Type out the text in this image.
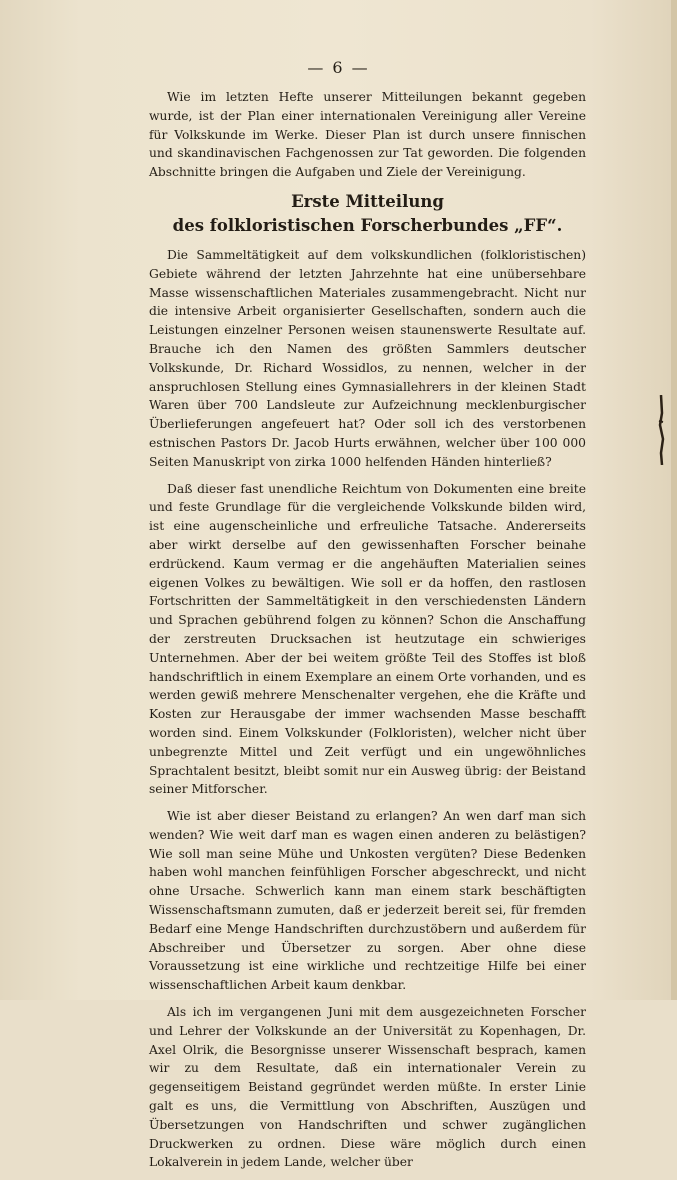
— 6 —

Wie im letzten Hefte unserer Mitteilungen bekannt gegeben wurde, ist der Plan einer internationalen Vereinigung aller Vereine für Volkskunde im Werke. Dieser Plan ist durch unsere finnischen und skandinavischen Fachgenossen zur Tat geworden. Die folgenden Abschnitte bringen die Aufgaben und Ziele der Vereinigung.

Erste Mitteilung
des folkloristischen Forscherbundes „FF“.

Die Sammeltätigkeit auf dem volkskundlichen (folkloristischen) Gebiete während der letzten Jahrzehnte hat eine unübersehbare Masse wissenschaftlichen Materiales zusammengebracht. Nicht nur die intensive Arbeit organisierter Gesellschaften, sondern auch die Leistungen einzelner Personen weisen staunenswerte Resultate auf. Brauche ich den Namen des größten Sammlers deutscher Volkskunde, Dr. Richard Wossidlos, zu nennen, welcher in der anspruchlosen Stellung eines Gymnasiallehrers in der kleinen Stadt Waren über 700 Landsleute zur Aufzeichnung mecklenburgischer Überlieferungen angefeuert hat? Oder soll ich des verstorbenen estnischen Pastors Dr. Jacob Hurts erwähnen, welcher über 100 000 Seiten Manuskript von zirka 1000 helfenden Händen hinterließ?

Daß dieser fast unendliche Reichtum von Dokumenten eine breite und feste Grundlage für die vergleichende Volkskunde bilden wird, ist eine augenscheinliche und erfreuliche Tatsache. Andererseits aber wirkt derselbe auf den gewissenhaften Forscher beinahe erdrückend. Kaum vermag er die angehäuften Materialien seines eigenen Volkes zu bewältigen. Wie soll er da hoffen, den rastlosen Fortschritten der Sammeltätigkeit in den verschiedensten Ländern und Sprachen gebührend folgen zu können? Schon die Anschaffung der zerstreuten Drucksachen ist heutzutage ein schwieriges Unternehmen. Aber der bei weitem größte Teil des Stoffes ist bloß handschriftlich in einem Exemplare an einem Orte vorhanden, und es werden gewiß mehrere Menschenalter vergehen, ehe die Kräfte und Kosten zur Herausgabe der immer wachsenden Masse beschafft worden sind. Einem Volkskunder (Folkloristen), welcher nicht über unbegrenzte Mittel und Zeit verfügt und ein ungewöhnliches Sprachtalent besitzt, bleibt somit nur ein Ausweg übrig: der Beistand seiner Mitforscher.

Wie ist aber dieser Beistand zu erlangen? An wen darf man sich wenden? Wie weit darf man es wagen einen anderen zu belästigen? Wie soll man seine Mühe und Unkosten vergüten? Diese Bedenken haben wohl manchen feinfühligen Forscher abgeschreckt, und nicht ohne Ursache. Schwerlich kann man einem stark beschäftigten Wissenschaftsmann zumuten, daß er jederzeit bereit sei, für fremden Bedarf eine Menge Handschriften durchzustöbern und außerdem für Abschreiber und Übersetzer zu sorgen. Aber ohne diese Voraussetzung ist eine wirkliche und rechtzeitige Hilfe bei einer wissenschaftlichen Arbeit kaum denkbar.

Als ich im vergangenen Juni mit dem ausgezeichneten Forscher und Lehrer der Volkskunde an der Universität zu Kopenhagen, Dr. Axel Olrik, die Besorgnisse unserer Wissenschaft besprach, kamen wir zu dem Resultate, daß ein internationaler Verein zu gegenseitigem Beistand gegründet werden müßte. In erster Linie galt es uns, die Vermittlung von Abschriften, Auszügen und Übersetzungen von Handschriften und schwer zugänglichen Druckwerken zu ordnen. Diese wäre möglich durch einen Lokalverein in jedem Lande, welcher über
